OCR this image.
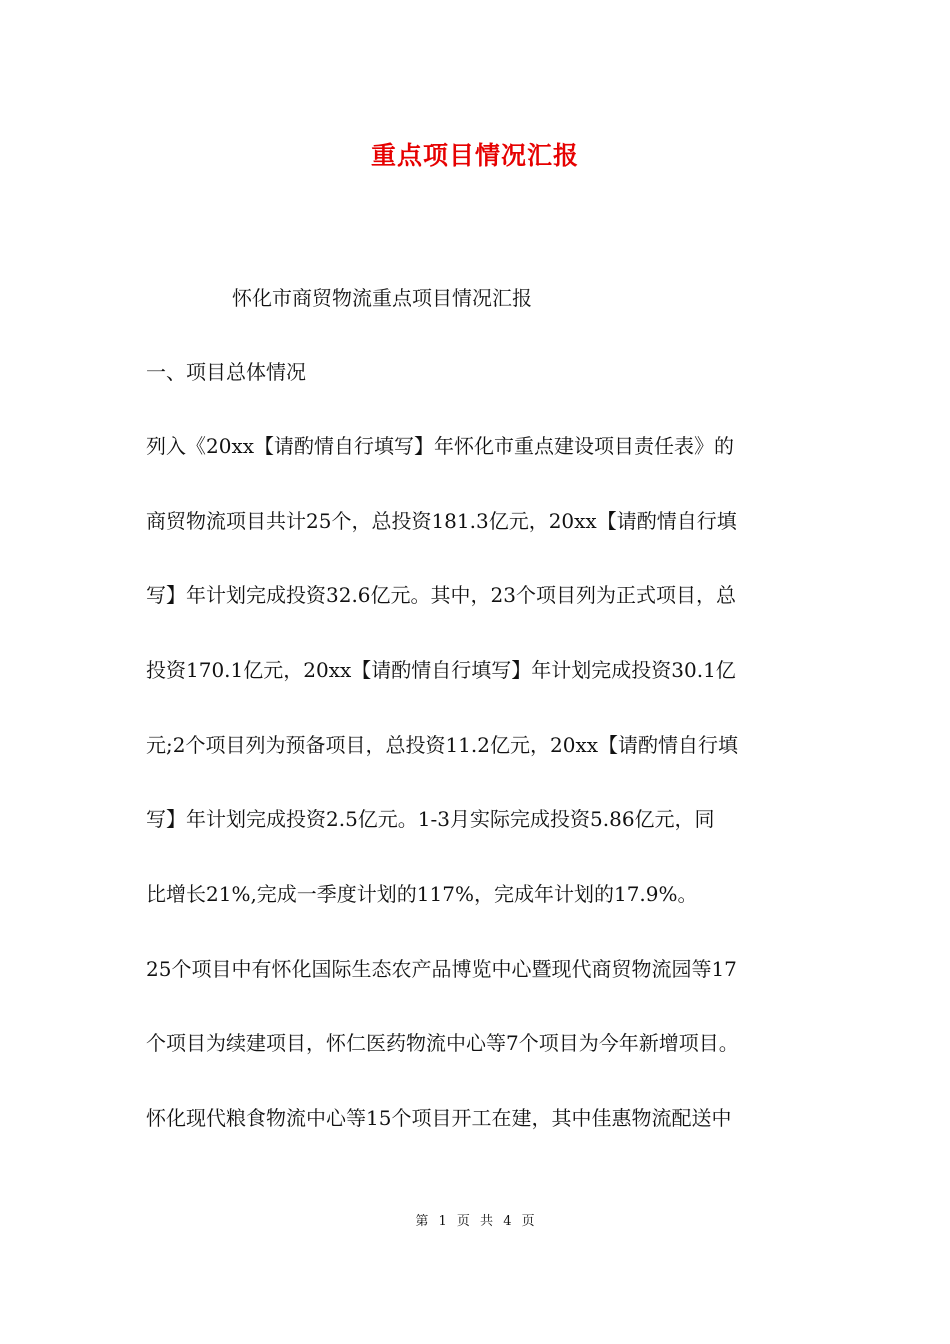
重点项目情况汇报

怀化市商贸物流重点项目情况汇报

一、项目总体情况

列入《20xx【请酌情自行填写】年怀化市重点建设项目责任表》的

商贸物流项目共计25个，总投资181.3亿元，20xx【请酌情自行填

写】年计划完成投资32.6亿元。其中，23个项目列为正式项目，总

投资170.1亿元，20xx【请酌情自行填写】年计划完成投资30.1亿

元;2个项目列为预备项目，总投资11.2亿元，20xx【请酌情自行填

写】年计划完成投资2.5亿元。1-3月实际完成投资5.86亿元，同

比增长21%,完成一季度计划的117%，完成年计划的17.9%。

25个项目中有怀化国际生态农产品博览中心暨现代商贸物流园等17

个项目为续建项目，怀仁医药物流中心等7个项目为今年新增项目。

怀化现代粮食物流中心等15个项目开工在建，其中佳惠物流配送中

第 1 页 共 4 页
